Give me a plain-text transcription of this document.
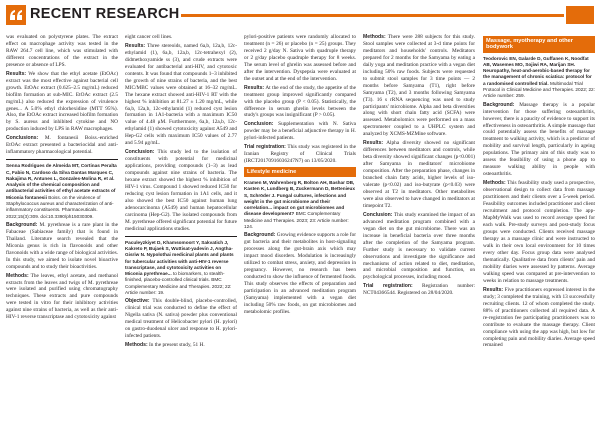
RECENT RESEARCH

was evaluated on polystyrene plates. The extract effect on macrophage activity was tested in the RAW 264.7 cell line, which was stimulated with different concentrations of the extract in the presence or absence of LPS.

Results: We show that the ethyl acetate (EtOAc) extract was the most effective against bacterial cell growth. EtOAc extract (0.625–2.5 mg/mL) reduced biofilm formation at sub-MIC. EtOAc extract (2.5 mg/mL) also reduced the expression of virulence genes... A 5.0% ethyl chlorhexidine (MTT 95%). Also, the EtOAc extract increased biofilm formation by S. aureus and inhibited cytokine and NO production induced by LPS in RAW macrophages.

Conclusions: M. fontanesii Boiss.-enriched EtOAc extract presented a bacteriocidal and anti-inflammatory pharmacological potential.

Senna Rodrigues de Almeida MT, Cortinas Peralta C, Fabio N, Cardoso da Silva Dantas Marques C, Nakajima R, Antunes L, Gonzales-Molina R, et al. Analysis of the chemical composition and antibacterial activities of ethyl acetate extracts of Miconia fontanesii Boiss. on the virulence of Staphylococcus aureus and characterization of anti-inflammatory constituents. Pharmaceuticals. 2022;15(3):309. doi:10.3390/ph15030309.

Background: M. pyrethreae is a rare plant in the Fabaceae (Sabiaceae family) that is found in Thailand. Literature search revealed that the Miconia genus is rich in flavonoids and other flavonoids with a wide range of biological activities. In this study, we aimed to isolate novel bioactive compounds and to study their bioactivities.

Methods: The leaves, ethyl acetate, and methanol extracts from the leaves and twigs of M. pyrethreae were isolated and purified using chromatography techniques. These extracts and pure compounds were tested in vitro for their inhibitory activities against nine strains of bacteria, as well as their anti-HIV-1 reverse transcriptase and cytotoxicity against

eight cancer cell lines.

Results: Three stereoids, named 6a,b, 12a,b, 12c-ethylamid (1), 6a,b, 12a,b, 12c-tetrahexyl (2), didmethoxyamide ss (3), and crude extracts were evaluated for antibacterial anti-HIV, and cytotoxic contents. It was found that compounds 1–3 inhibited the growth of nine strains of bacteria, and the best MIC/MBC values were obtained at 16–32 mg/mL. The hexane extract showed anti-HIV-1 RT with the highest % inhibition at 81.27 ± 1.20 mg/mL, while 6a,b, 12a,b, 12c-ethylamid (1) reduced cyst lesion formation in 1A1-bacteria with a maximum IC50 value of 4.48 μM. Furthermore, 6a,b, 12a,b, 12c-ethylamid (1) showed cytotoxicity against A549 and Hep-G2 cells with maximum IC50 values of 2.77 and 5.94 μg/mL.

Conclusion: This study led to the isolation of constituents with potential for medicinal applications, providing compounds (1–3) as lead compounds against nine strains of bacteria. The hexane extract showed the highest % inhibition of HIV-1 virus. Compound 1 showed reduced IC50 for reducing cyst lesion formation in 1A1 cells, and it also showed the best IC50 against human lung adenocarcinoma (A549) and human hepatocellular carcinoma (Hep-G2). The isolated compounds from M. pyrethreae offered significant potential for future medicinal applications studies.

Paculeyzkiyet D, Khamsomoort Y, Sakvatich J, Kakreto P, Bujaek S, Wuttisat-yadevin J, Angtha-Gisriw N. Nypolothai medicinal plants and plants for tubercular activities with anti-HIV-1 reverse transcriptase, and cytotoxicity activities on Miconia pyrethreae... to biomarkers, to stealth-finished, placebo-controlled clinical trials. BMC Complementary Medicine and Therapies. 2022; 22: Article number: 19.

Objective: This double-blind, placebo-controlled, clinical trial was conducted to define the effect of Nigella sativa (N. sativa) powder plus conventional medical treatment of Helicobacter pylori (H. pylori) on gastro-duodenal ulcer and response to H. pylori-infected patients.

Methods: In the present study, 51 H.

pylori-positive patients were randomly allocated to treatment (n = 26) or placebo (n = 25) groups. They received 2 g/day N. Sativa with quadruple therapy or 2 g/day placebo quadruple therapy for 8 weeks. The serum level of ghrelin was assessed before and after the intervention. Dyspepsia were evaluated at the outset and at the end of the intervention.

Results: At the end of the study, the appetite of the treatment group improved significantly compared with the placebo group (P < 0.05). Statistically, the difference in serum ghrelin levels between the study's groups was insignificant (P > 0.05).

Conclusion: Supplementation with N. Sativa powder may be a beneficial adjunctive therapy in H. pylori-infected patients.

Trial registration: This study was registered in the Iranian Registry of Clinical Trials (IRCT20170916036247N7) on 13/05/2020.

Lifestyle medicine

Kramen M, Wahrenberg R, Bolton AH, Bashar DB, Kasten K, Lundberg B, Zuckermann D, Bettenieux S, Schröder J. Fungal cultures, infections and weight in the gut microbiome and their correlation... impact on gut microbiomes and disease development? BMC Complementary Medicine and Therapies. 2023; 23: Article number: 124.

Background: Growing evidence supports a role for gut bacteria and their metabolites in host-signaling processes along the gut-brain axis which may impact mood disorders. Modulation is increasingly utilized to combat stress, anxiety, and depression in pregnancy. However, no research has been conducted to show the influence of fermented foods. This study observes the effects of preparation and participation in an advanced meditation program (Samyama) implemented with a vegan diet including 50% raw foods, on gut microbiomes and metabolomic profiles.

Methods: There were 288 subjects for this study. Stool samples were collected at 3-d time points for meditators and households' controls. Meditators prepared for 2 months for the Samyama by eating a daily yoga and meditation practice with a vegan diet including 50% raw foods. Subjects were requested to submit stool samples for 3 time points — 2 months before Samyama (T1), right before Samyama (T2), and 3 months following Samyama (T3). 16 s rRNA sequencing was used to study participants' microbiome. Alpha and beta diversities along with short chain fatty acid (SCFA) were assessed. Metabolomics were performed on a mass spectrometer coupled to a UHPLC system and analyzed by XCMS-MZMine software.

Results: Alpha diversity showed no significant differences between meditators and controls, while beta diversity showed significant changes (p<0.001) after Samyama in meditators' microbiome composition. After the preparation phase, changes in branched chain fatty acids, higher levels of iso-valerate (p<0.02) and iso-butyrate (p<0.03) were observed at T2 in meditators. Other metabolites were also observed to have changed in meditators at timepoint T2.

Conclusion: This study examined the impact of an advanced meditation program combined with a vegan diet on the gut microbiome. There was an increase in beneficial bacteria over three months after the completion of the Samyama program. Further study is necessary to validate current observations and investigate the significance and mechanisms of action related to diet, meditation, and microbial composition and function, on psychological processes, including mood.

Trial registration: Registration number: NCT04366544. Registered on 28/04/2020.

Massage, myotherapy and other bodywork

Teodorovic EN, Galarde D, Guffanen K, Noodfat AB, Wasemes MO, Sojiwi RA, Marijan SH. Neuropathy, heat-and-aerobic-based therapy for the management of chronic sciatica: protocol for a randomised controlled trial. Multimodal Trial Protocol in Clinical Medicine and Therapies. 2022; 22: Article number: 259.

Background: Massage therapy is a popular intervention for those suffering osteoarthritis, however, there is a paucity of evidence to support its effectiveness in osteoarthritis. A simple massage that could potentially assess the benefits of massage treatment to walking activity, which is a predictor of mobility and survival length, particularly in ageing populations. The primary aim of this study was to assess the feasibility of using a phone app to measure walking ability in people with osteoarthritis.

Methods: This feasibility study used a prospective, observational design to collect data from massage practitioners and their clients over a 5-week period. Feasibility outcomes included practitioner and client recruitment and protocol completion. The app-MapMyWalk was used to record average speed for each walk. Pre-study surveys and post-study focus groups were conducted. Clients received massage therapy as a massage clinic and were instructed to walk in their own local environment for 10 times every other day. Focus group data were analysed thematically. Qualitative data from clients' pain and mobility diaries were assessed by patterns. Average walking speed was compared at pre-intervention to weeks in relation to massage treatments.

Results: Five practitioners expressed interest in the study; 3 completed the training, with 13 successfully recruiting clients. 12 of whom completed the study. 88% of practitioners collected all required data. A re-registration fee participating practitioners was to contribute to evaluate the massage therapy. Client compliance with using the app was high, but low for completing pain and mobility diaries. Average speed remained
